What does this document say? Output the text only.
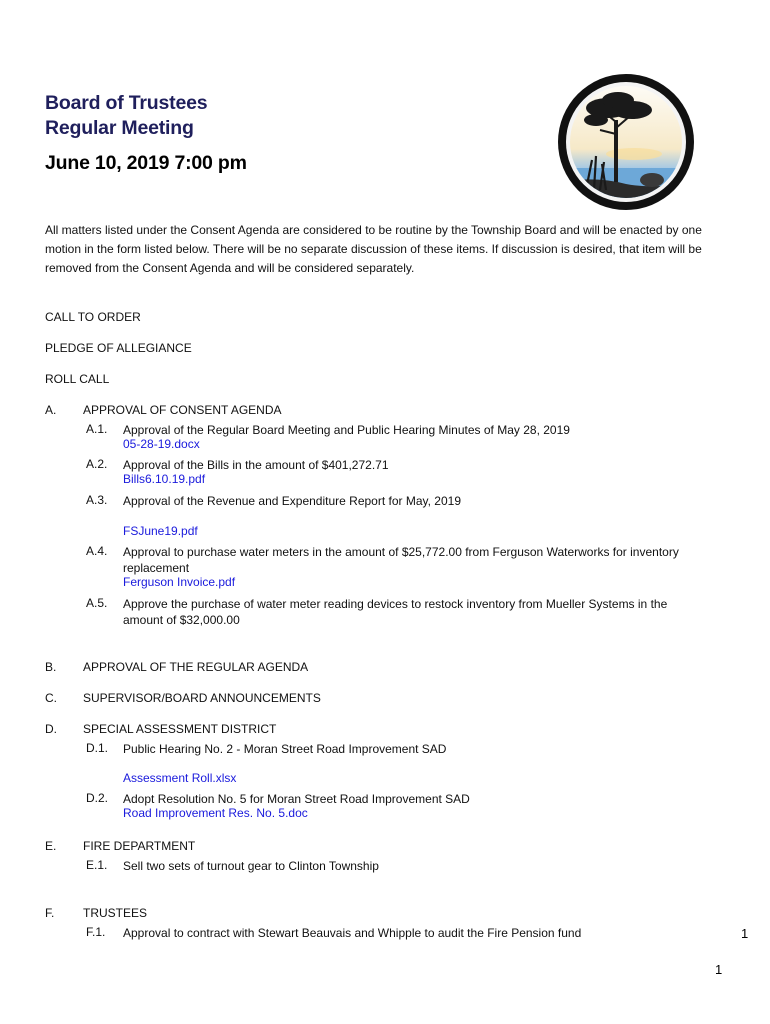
Board of Trustees
Regular Meeting
June 10, 2019 7:00 pm
All matters listed under the Consent Agenda are considered to be routine by the Township Board and will be enacted by one motion in the form listed below. There will be no separate discussion of these items. If discussion is desired, that item will be removed from the Consent Agenda and will be considered separately.
CALL TO ORDER
PLEDGE OF ALLEGIANCE
ROLL CALL
A. APPROVAL OF CONSENT AGENDA
A.1. Approval of the Regular Board Meeting and Public Hearing Minutes of May 28, 2019
05-28-19.docx
A.2. Approval of the Bills in the amount of $401,272.71
Bills6.10.19.pdf
A.3. Approval of the Revenue and Expenditure Report for May, 2019
FSJune19.pdf
A.4. Approval to purchase water meters in the amount of $25,772.00 from Ferguson Waterworks for inventory replacement
Ferguson Invoice.pdf
A.5. Approve the purchase of water meter reading devices to restock inventory from Mueller Systems in the amount of $32,000.00
B. APPROVAL OF THE REGULAR AGENDA
C. SUPERVISOR/BOARD ANNOUNCEMENTS
D. SPECIAL ASSESSMENT DISTRICT
D.1. Public Hearing No. 2 - Moran Street Road Improvement SAD
Assessment Roll.xlsx
D.2. Adopt Resolution No. 5 for Moran Street Road Improvement SAD
Road Improvement Res. No. 5.doc
E. FIRE DEPARTMENT
E.1. Sell two sets of turnout gear to Clinton Township
F. TRUSTEES
F.1. Approval to contract with Stewart Beauvais and Whipple to audit the Fire Pension fund	1
1
